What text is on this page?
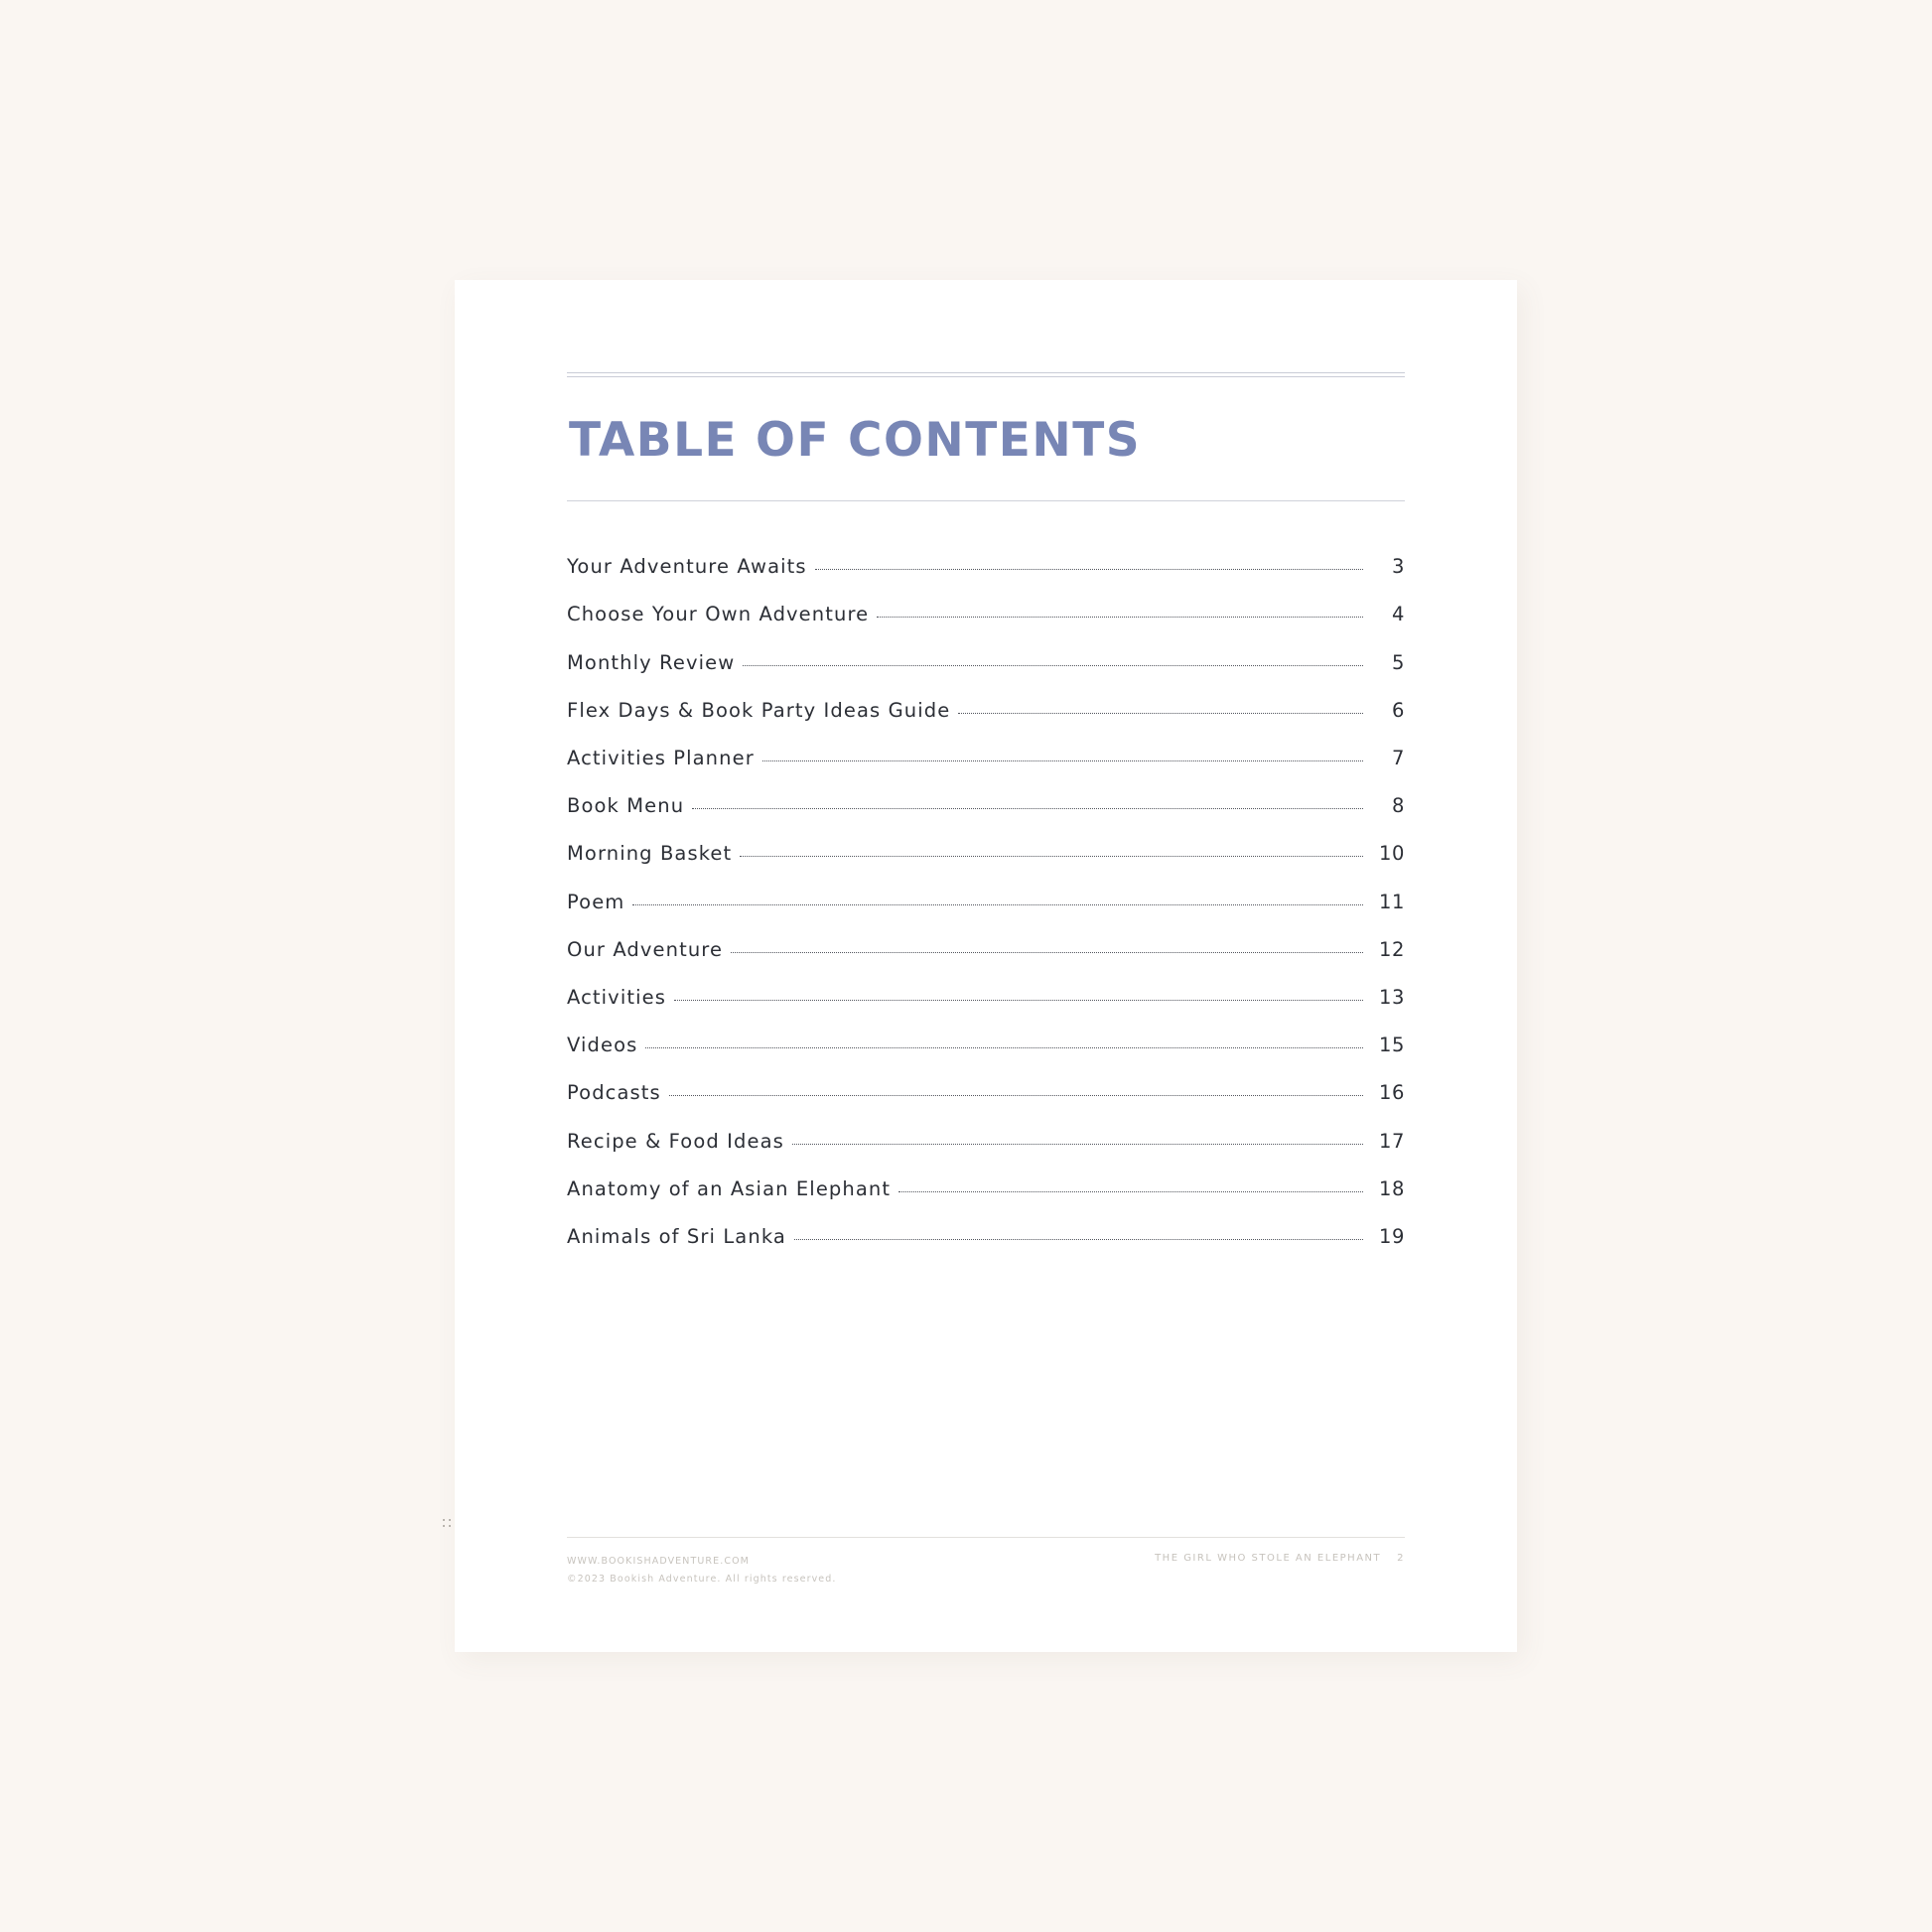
TABLE OF CONTENTS
Your Adventure Awaits	3
Choose Your Own Adventure	4
Monthly Review	5
Flex Days & Book Party Ideas Guide	6
Activities Planner	7
Book Menu	8
Morning Basket	10
Poem	11
Our Adventure	12
Activities	13
Videos	15
Podcasts	16
Recipe & Food Ideas	17
Anatomy of an Asian Elephant	18
Animals of Sri Lanka	19
WWW.BOOKISHADVENTURE.COM
©2023 Bookish Adventure. All rights reserved.
THE GIRL WHO STOLE AN ELEPHANT 2
